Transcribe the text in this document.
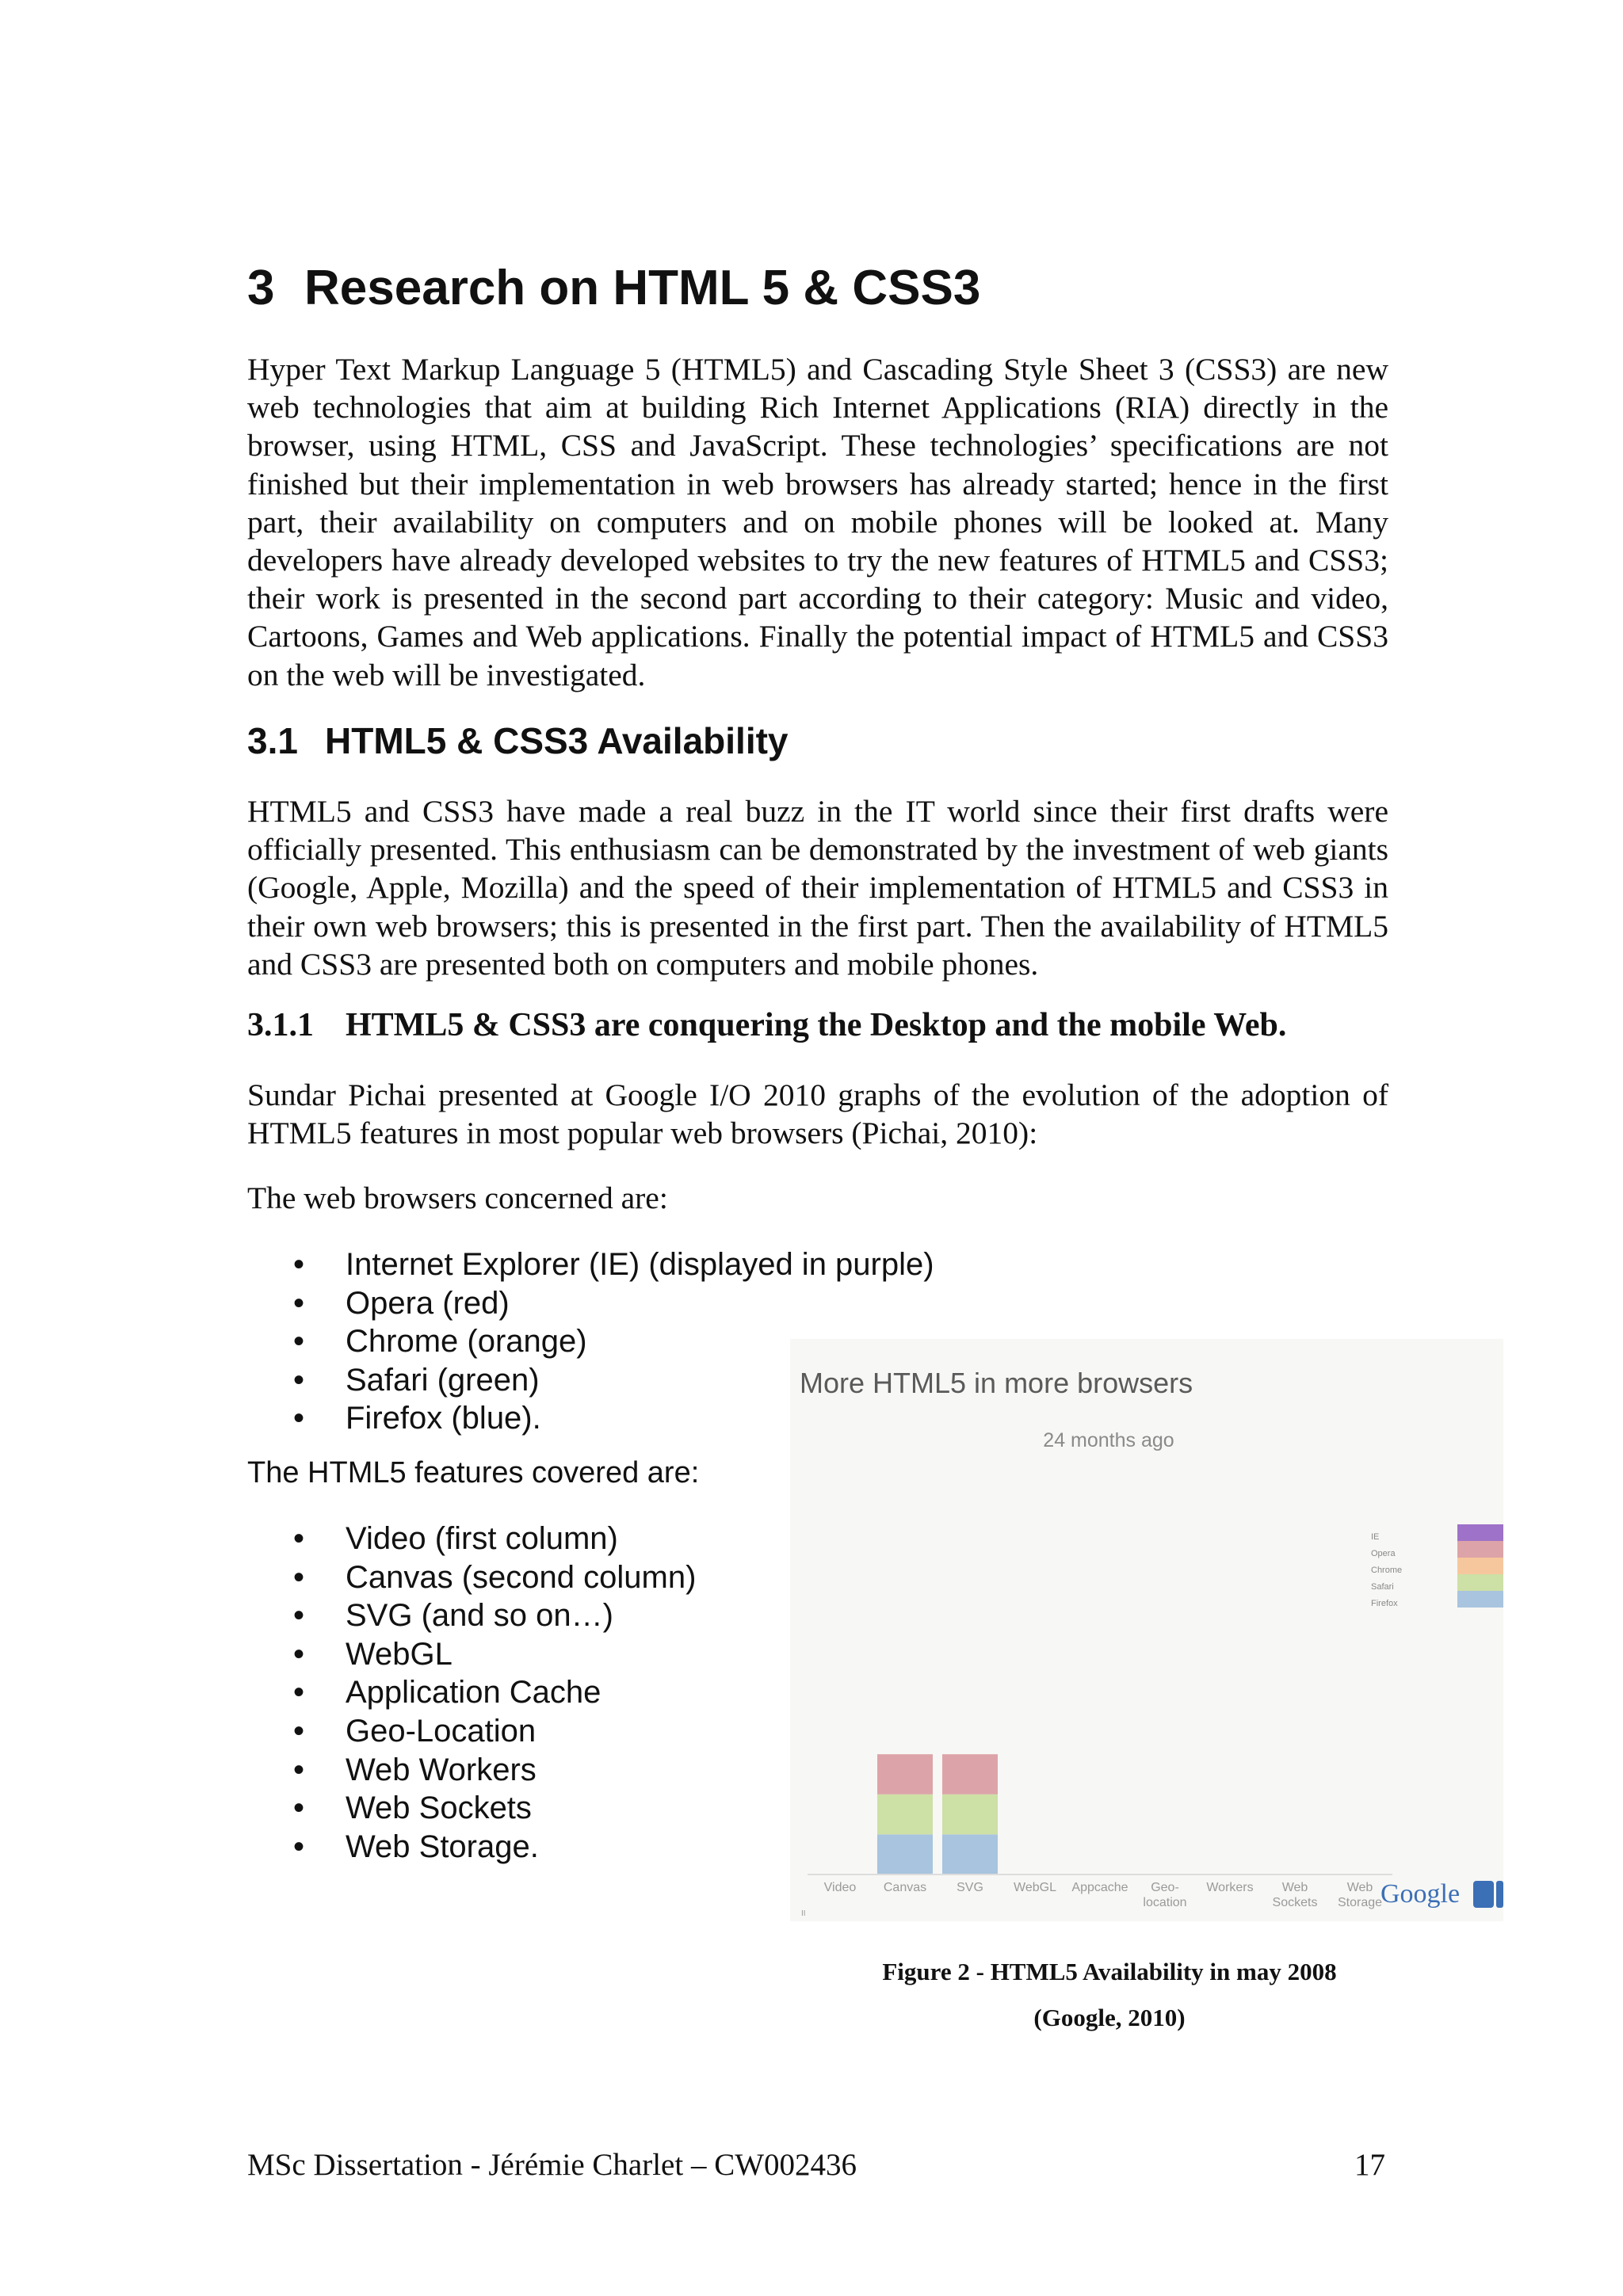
3 Research on HTML 5 & CSS3

Hyper Text Markup Language 5 (HTML5) and Cascading Style Sheet 3 (CSS3) are new web technologies that aim at building Rich Internet Applications (RIA) directly in the browser, using HTML, CSS and JavaScript. These technologies’ specifications are not finished but their implementation in web browsers has already started; hence in the first part, their availability on computers and on mobile phones will be looked at. Many developers have already developed websites to try the new features of HTML5 and CSS3; their work is presented in the second part according to their category: Music and video, Cartoons, Games and Web applications. Finally the potential impact of HTML5 and CSS3 on the web will be investigated.

3.1 HTML5 & CSS3 Availability

HTML5 and CSS3 have made a real buzz in the IT world since their first drafts were officially presented. This enthusiasm can be demonstrated by the investment of web giants (Google, Apple, Mozilla) and the speed of their implementation of HTML5 and CSS3 in their own web browsers; this is presented in the first part. Then the availability of HTML5 and CSS3 are presented both on computers and mobile phones.

3.1.1 HTML5 & CSS3 are conquering the Desktop and the mobile Web.

Sundar Pichai presented at Google I/O 2010 graphs of the evolution of the adoption of HTML5 features in most popular web browsers (Pichai, 2010):

The web browsers concerned are:

• Internet Explorer (IE) (displayed in purple)
• Opera (red)
• Chrome (orange)
• Safari (green)
• Firefox (blue).

The HTML5 features covered are:

• Video (first column)
• Canvas (second column)
• SVG (and so on…)
• WebGL
• Application Cache
• Geo-Location
• Web Workers
• Web Sockets
• Web Storage.
More HTML5 in more browsers
24 months ago
Video Canvas SVG WebGL Appcache	Geo-location
Workers	Web Sockets
Web Storage
II
IE
Opera
Chrome
Safari
Firefox
Google

Figure 2 - HTML5 Availability in may 2008
(Google, 2010)

MSc Dissertation - Jérémie Charlet – CW002436	17
